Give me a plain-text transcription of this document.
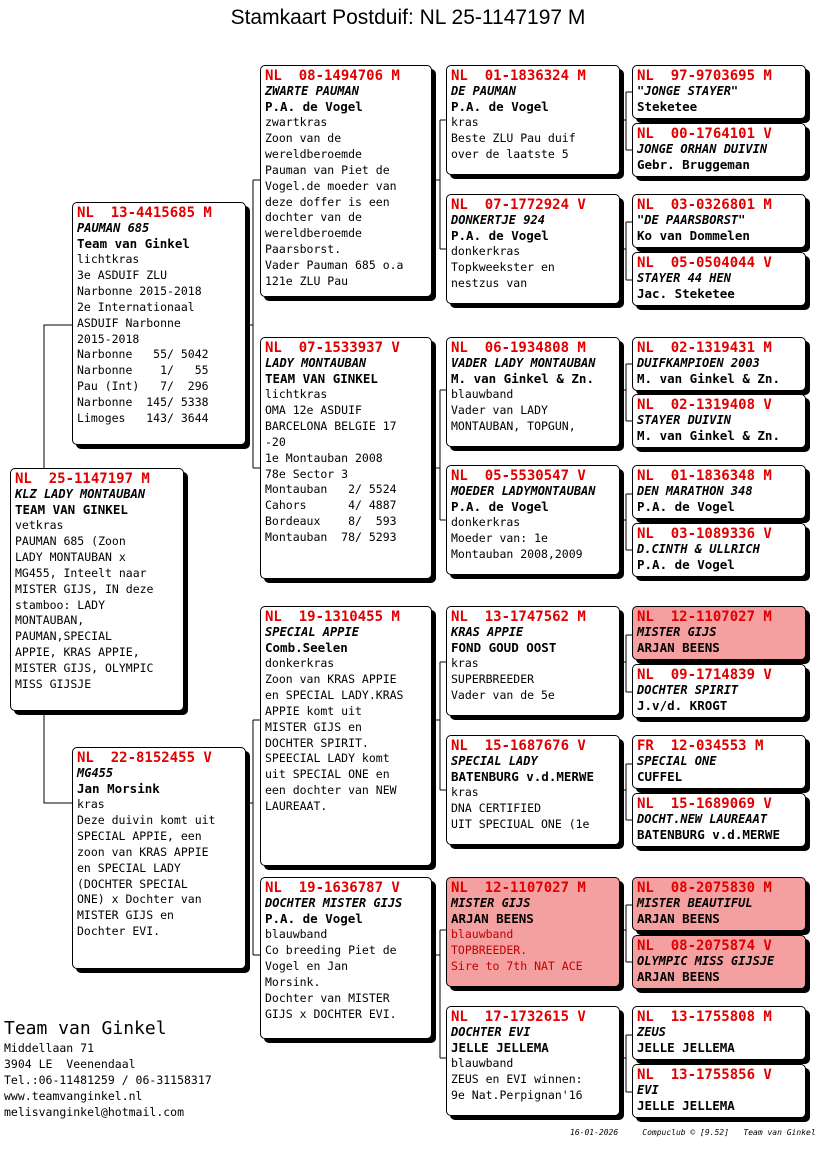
Stamkaart Postduif: NL 25-1147197 M
NL  25-1147197 M
KLZ LADY MONTAUBAN
TEAM VAN GINKEL
vetkras
PAUMAN 685 (Zoon
LADY MONTAUBAN x
MG455, Inteelt naar
MISTER GIJS, IN deze
stamboo: LADY
MONTAUBAN,
PAUMAN,SPECIAL
APPIE, KRAS APPIE,
MISTER GIJS, OLYMPIC
MISS GIJSJE
NL  13-4415685 M
PAUMAN 685
Team van Ginkel
lichtkras
3e ASDUIF ZLU
Narbonne 2015-2018
2e Internationaal
ASDUIF Narbonne
2015-2018
Narbonne   55/ 5042
Narbonne    1/   55
Pau (Int)   7/  296
Narbonne  145/ 5338
Limoges   143/ 3644
NL  22-8152455 V
MG455
Jan Morsink
kras
Deze duivin komt uit
SPECIAL APPIE, een
zoon van KRAS APPIE
en SPECIAL LADY
(DOCHTER SPECIAL
ONE) x Dochter van
MISTER GIJS en
Dochter EVI.
NL  08-1494706 M
ZWARTE PAUMAN
P.A. de Vogel
zwartkras
Zoon van de
wereldberoemde
Pauman van Piet de
Vogel.de moeder van
deze doffer is een
dochter van de
wereldberoemde
Paarsborst.
Vader Pauman 685 o.a
121e ZLU Pau
NL  07-1533937 V
LADY MONTAUBAN
TEAM VAN GINKEL
lichtkras
OMA 12e ASDUIF
BARCELONA BELGIE 17
-20
1e Montauban 2008
78e Sector 3
Montauban   2/ 5524
Cahors      4/ 4887
Bordeaux    8/  593
Montauban  78/ 5293
NL  19-1310455 M
SPECIAL APPIE
Comb.Seelen
donkerkras
Zoon van KRAS APPIE
en SPECIAL LADY.KRAS
APPIE komt uit
MISTER GIJS en
DOCHTER SPIRIT.
SPEECIAL LADY komt
uit SPECIAL ONE en
een dochter van NEW
LAUREAAT.
NL  19-1636787 V
DOCHTER MISTER GIJS
P.A. de Vogel
blauwband
Co breeding Piet de
Vogel en Jan
Morsink.
Dochter van MISTER
GIJS x DOCHTER EVI.
NL  01-1836324 M
DE PAUMAN
P.A. de Vogel
kras
Beste ZLU Pau duif
over de laatste 5
NL  07-1772924 V
DONKERTJE 924
P.A. de Vogel
donkerkras
Topkweekster en
nestzus van
NL  06-1934808 M
VADER LADY MONTAUBAN
M. van Ginkel & Zn.
blauwband
Vader van LADY
MONTAUBAN, TOPGUN,
NL  05-5530547 V
MOEDER LADYMONTAUBAN
P.A. de Vogel
donkerkras
Moeder van: 1e
Montauban 2008,2009
NL  13-1747562 M
KRAS APPIE
FOND GOUD OOST
kras
SUPERBREEDER
Vader van de 5e
NL  15-1687676 V
SPECIAL LADY
BATENBURG v.d.MERWE
kras
DNA CERTIFIED
UIT SPECIUAL ONE (1e
NL  12-1107027 M
MISTER GIJS
ARJAN BEENS
blauwband
TOPBREEDER.
Sire to 7th NAT ACE
NL  17-1732615 V
DOCHTER EVI
JELLE JELLEMA
blauwband
ZEUS en EVI winnen:
9e Nat.Perpignan'16
NL  97-9703695 M
"JONGE STAYER"
Steketee
NL  00-1764101 V
JONGE ORHAN DUIVIN
Gebr. Bruggeman
NL  03-0326801 M
"DE PAARSBORST"
Ko van Dommelen
NL  05-0504044 V
STAYER 44 HEN
Jac. Steketee
NL  02-1319431 M
DUIFKAMPIOEN 2003
M. van Ginkel & Zn.
NL  02-1319408 V
STAYER DUIVIN
M. van Ginkel & Zn.
NL  01-1836348 M
DEN MARATHON 348
P.A. de Vogel
NL  03-1089336 V
D.CINTH & ULLRICH
P.A. de Vogel
NL  12-1107027 M
MISTER GIJS
ARJAN BEENS
NL  09-1714839 V
DOCHTER SPIRIT
J.v/d. KROGT
FR  12-034553 M
SPECIAL ONE
CUFFEL
NL  15-1689069 V
DOCHT.NEW LAUREAAT
BATENBURG v.d.MERWE
NL  08-2075830 M
MISTER BEAUTIFUL
ARJAN BEENS
NL  08-2075874 V
OLYMPIC MISS GIJSJE
ARJAN BEENS
NL  13-1755808 M
ZEUS
JELLE JELLEMA
NL  13-1755856 V
EVI
JELLE JELLEMA
Team van Ginkel
Middellaan 71
3904 LE  Veenendaal
Tel.:06-11481259 / 06-31158317
www.teamvanginkel.nl
melisvanginkel@hotmail.com
16-01-2026     Compuclub © [9.52]   Team van Ginkel
